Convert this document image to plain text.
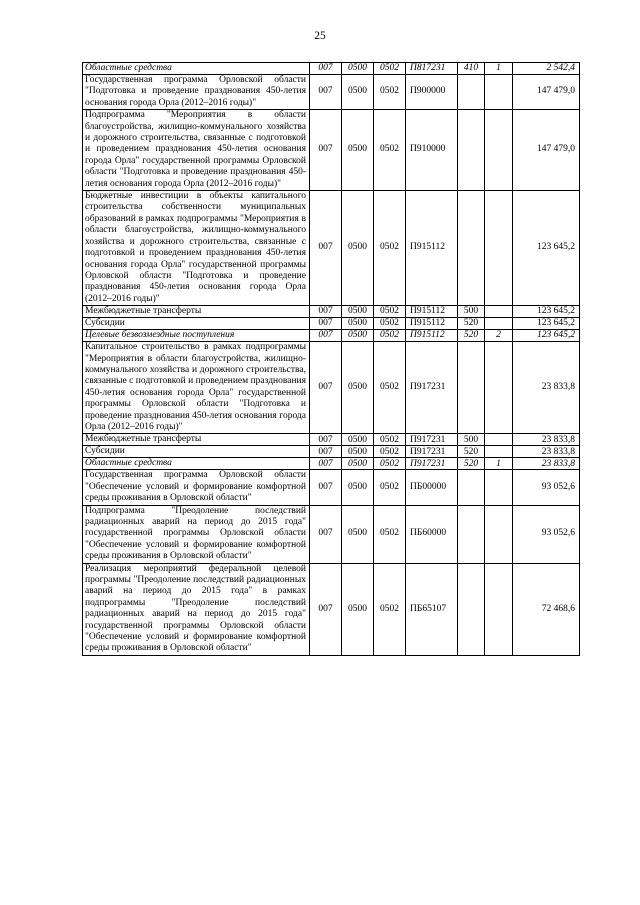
25
Областные средства	007	0500	0502	П817231	410	1	2 542,4
Государственная программа Орловской области "Подготовка и проведение празднования 450-летия основания города Орла (2012–2016 годы)"	007	0500	0502	П900000			147 479,0
Подпрограмма "Мероприятия в области благоустройства, жилищно-коммунального хозяйства и дорожного строительства, связанные с подготовкой и проведением празднования 450-летия основания города Орла" государственной программы Орловской области "Подготовка и проведение празднования 450-летия основания города Орла (2012–2016 годы)"	007	0500	0502	П910000			147 479,0
Бюджетные инвестиции в объекты капитального строительства собственности муниципальных образований в рамках подпрограммы "Мероприятия в области благоустройства, жилищно-коммунального хозяйства и дорожного строительства, связанные с подготовкой и проведением празднования 450-летия основания города Орла" государственной программы Орловской области "Подготовка и проведение празднования 450-летия основания города Орла (2012–2016 годы)"	007	0500	0502	П915112			123 645,2
Межбюджетные трансферты	007	0500	0502	П915112	500		123 645,2
Субсидии	007	0500	0502	П915112	520		123 645,2
Целевые безвозмездные поступления	007	0500	0502	П915112	520	2	123 645,2
Капитальное строительство в рамках подпрограммы "Мероприятия в области благоустройства, жилищно-коммунального хозяйства и дорожного строительства, связанные с подготовкой и проведением празднования 450-летия основания города Орла" государственной программы Орловской области "Подготовка и проведение празднования 450-летия основания города Орла (2012–2016 годы)"	007	0500	0502	П917231			23 833,8
Межбюджетные трансферты	007	0500	0502	П917231	500		23 833,8
Субсидии	007	0500	0502	П917231	520		23 833,8
Областные средства	007	0500	0502	П917231	520	1	23 833,8
Государственная программа Орловской области "Обеспечение условий и формирование комфортной среды проживания в Орловской области"	007	0500	0502	ПБ00000			93 052,6
Подпрограмма "Преодоление последствий радиационных аварий на период до 2015 года" государственной программы Орловской области "Обеспечение условий и формирование комфортной среды проживания в Орловской области"	007	0500	0502	ПБ60000			93 052,6
Реализация мероприятий федеральной целевой программы "Преодоление последствий радиационных аварий на период до 2015 года" в рамках подпрограммы "Преодоление последствий радиационных аварий на период до 2015 года" государственной программы Орловской области "Обеспечение условий и формирование комфортной среды проживания в Орловской области"	007	0500	0502	ПБ65107			72 468,6
